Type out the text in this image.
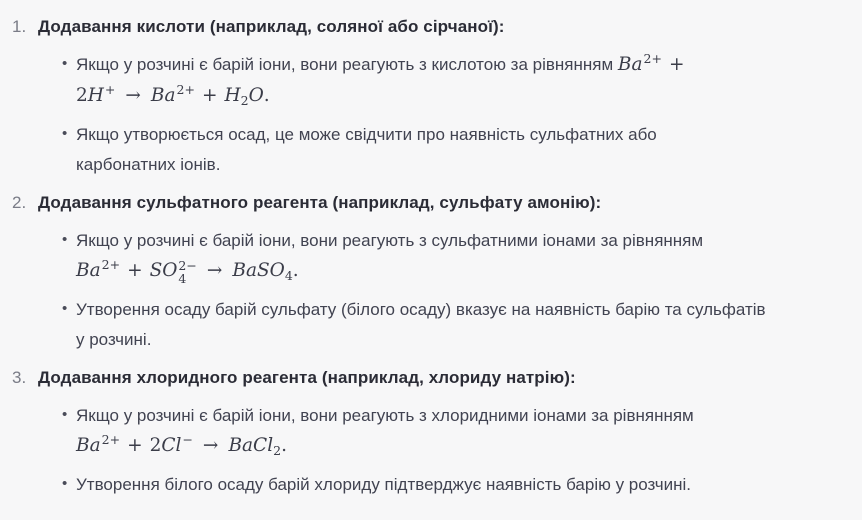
1. Додавання кислоти (наприклад, соляної або сірчаної):
• Якщо у розчині є барій іони, вони реагують з кислотою за рівнянням $Ba^{2+}$ +
$2H^+ \to Ba^{2+} + H_2O$.
• Якщо утворюється осад, це може свідчити про наявність сульфатних або
карбонатних іонів.
2. Додавання сульфатного реагента (наприклад, сульфату амонію):
• Якщо у розчині є барій іони, вони реагують з сульфатними іонами за рівнянням
$Ba^{2+}$ + SO 2−
4	→ BaSO$_4$.
• Утворення осаду барій сульфату (білого осаду) вказує на наявність барію та сульфатів
у розчині.
3. Додавання хлоридного реагента (наприклад, хлориду натрію):
• Якщо у розчині є барій іони, вони реагують з хлоридними іонами за рівнянням
$Ba^{2+} + 2Cl^-$ → BaCl$_2$.
• Утворення білого осаду барій хлориду підтверджує наявність барію у розчині.
